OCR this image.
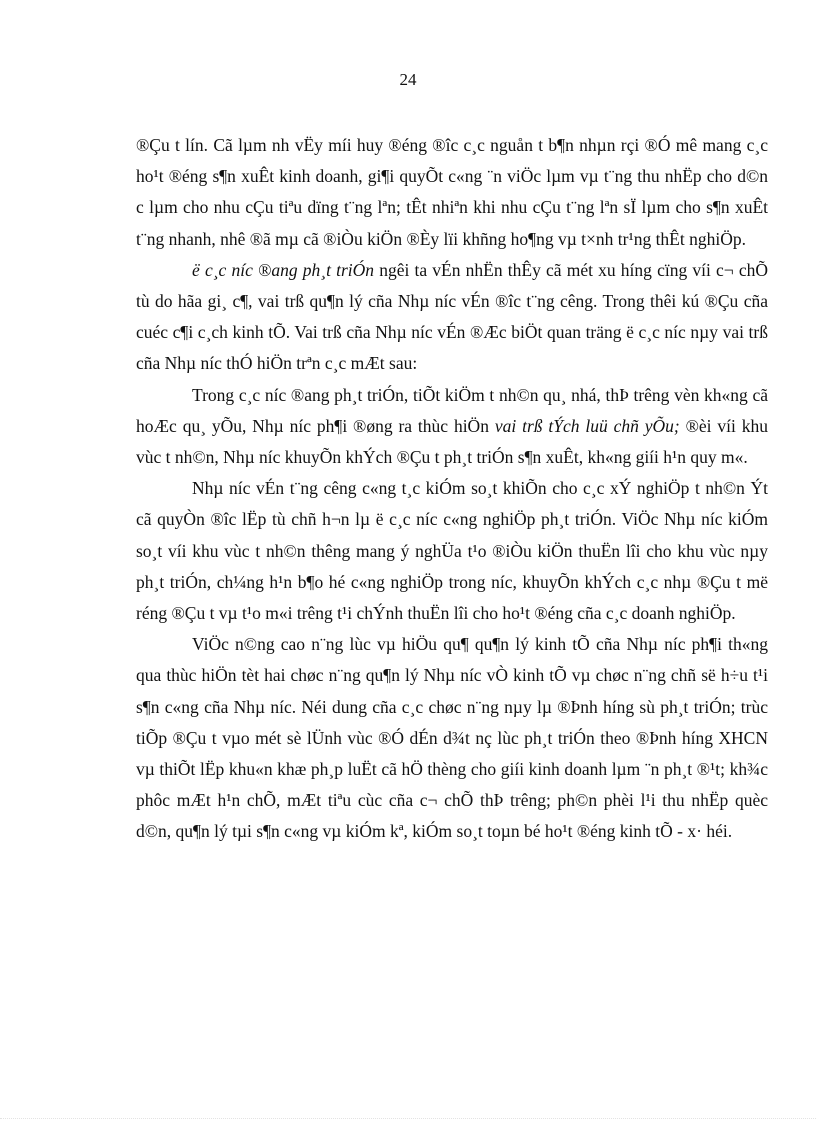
24

®Çu t lín. Cã lµm nh vËy míi huy ®éng ®îc c¸c nguån t b¶n nhµn rçi ®Ó mê mang c¸c ho¹t ®éng s¶n xuÊt kinh doanh, gi¶i quyÕt c«ng ¨n viÖc lµm vµ t¨ng thu nhËp cho d©n c lµm cho nhu cÇu tiªu dïng t¨ng lªn; tÊt nhiªn khi nhu cÇu t¨ng lªn sÏ lµm cho s¶n xuÊt t¨ng nhanh, nhê ®ã mµ cã ®iÒu kiÖn ®Èy lïi khñng ho¶ng vµ t×nh tr¹ng thÊt nghiÖp.

ë c¸c níc ®ang ph¸t triÓn ngêi ta vÉn nhËn thÊy cã mét xu híng cïng víi c¬ chÕ tù do hãa gi¸ c¶, vai trß qu¶n lý cña Nhµ níc vÉn ®îc t¨ng cêng. Trong thêi kú ®Çu cña cuéc c¶i c¸ch kinh tÕ. Vai trß cña Nhµ níc vÉn ®Æc biÖt quan träng ë c¸c níc nµy vai trß cña Nhµ níc thÓ hiÖn trªn c¸c mÆt sau:

Trong c¸c níc ®ang ph¸t triÓn, tiÕt kiÖm t nh©n qu¸ nhá, thÞ trêng vèn kh«ng cã hoÆc qu¸ yÕu, Nhµ níc ph¶i ®øng ra thùc hiÖn vai trß tÝch luü chñ yÕu; ®èi víi khu vùc t nh©n, Nhµ níc khuyÕn khÝch ®Çu t ph¸t triÓn s¶n xuÊt, kh«ng giíi h¹n quy m«.

Nhµ níc vÉn t¨ng cêng c«ng t¸c kiÓm so¸t khiÕn cho c¸c xÝ nghiÖp t nh©n Ýt cã quyÒn ®îc lËp tù chñ h¬n lµ ë c¸c níc c«ng nghiÖp ph¸t triÓn. ViÖc Nhµ níc kiÓm so¸t víi khu vùc t nh©n thêng mang ý nghÜa t¹o ®iÒu kiÖn thuËn lîi cho khu vùc nµy ph¸t triÓn, ch¼ng h¹n b¶o hé c«ng nghiÖp trong níc, khuyÕn khÝch c¸c nhµ ®Çu t më réng ®Çu t vµ t¹o m«i trêng t¹i chÝnh thuËn lîi cho ho¹t ®éng cña c¸c doanh nghiÖp.

ViÖc n©ng cao n¨ng lùc vµ hiÖu qu¶ qu¶n lý kinh tÕ cña Nhµ níc ph¶i th«ng qua thùc hiÖn tèt hai chøc n¨ng qu¶n lý Nhµ níc vÒ kinh tÕ vµ chøc n¨ng chñ së h÷u t¹i s¶n c«ng cña Nhµ níc. Néi dung cña c¸c chøc n¨ng nµy lµ ®Þnh híng sù ph¸t triÓn; trùc tiÕp ®Çu t vµo mét sè lÜnh vùc ®Ó dÉn d¾t nç lùc ph¸t triÓn theo ®Þnh híng XHCN vµ thiÕt lËp khu«n khæ ph¸p luËt cã hÖ thèng cho giíi kinh doanh lµm ¨n ph¸t ®¹t; kh¾c phôc mÆt h¹n chÕ, mÆt tiªu cùc cña c¬ chÕ thÞ trêng; ph©n phèi l¹i thu nhËp quèc d©n, qu¶n lý tµi s¶n c«ng vµ kiÓm kª, kiÓm so¸t toµn bé ho¹t ®éng kinh tÕ - x· héi.
